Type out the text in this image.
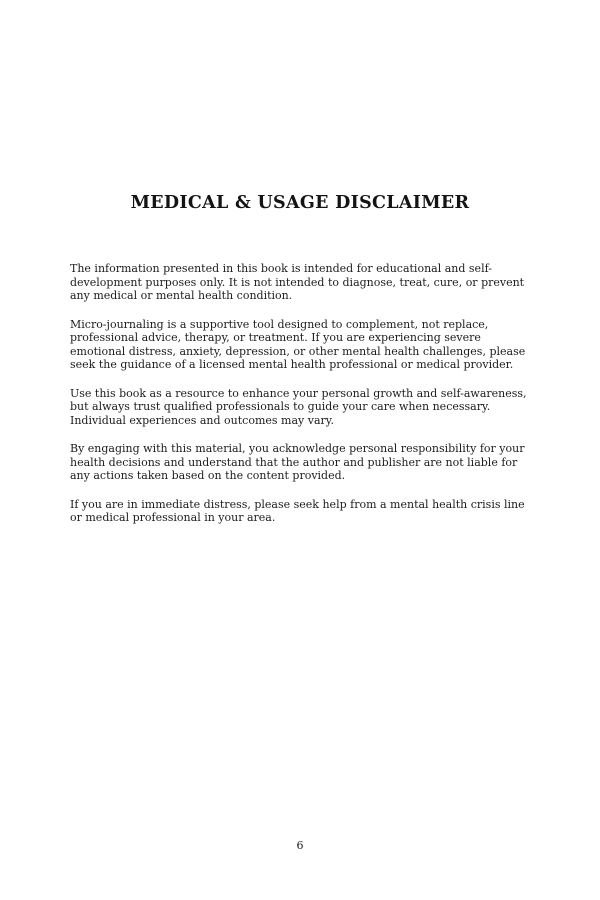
MEDICAL & USAGE DISCLAIMER

The information presented in this book is intended for educational and self-development purposes only. It is not intended to diagnose, treat, cure, or prevent any medical or mental health condition.

Micro-journaling is a supportive tool designed to complement, not replace, professional advice, therapy, or treatment. If you are experiencing severe emotional distress, anxiety, depression, or other mental health challenges, please seek the guidance of a licensed mental health professional or medical provider.

Use this book as a resource to enhance your personal growth and self-awareness, but always trust qualified professionals to guide your care when necessary. Individual experiences and outcomes may vary.

By engaging with this material, you acknowledge personal responsibility for your health decisions and understand that the author and publisher are not liable for any actions taken based on the content provided.

If you are in immediate distress, please seek help from a mental health crisis line or medical professional in your area.

6
